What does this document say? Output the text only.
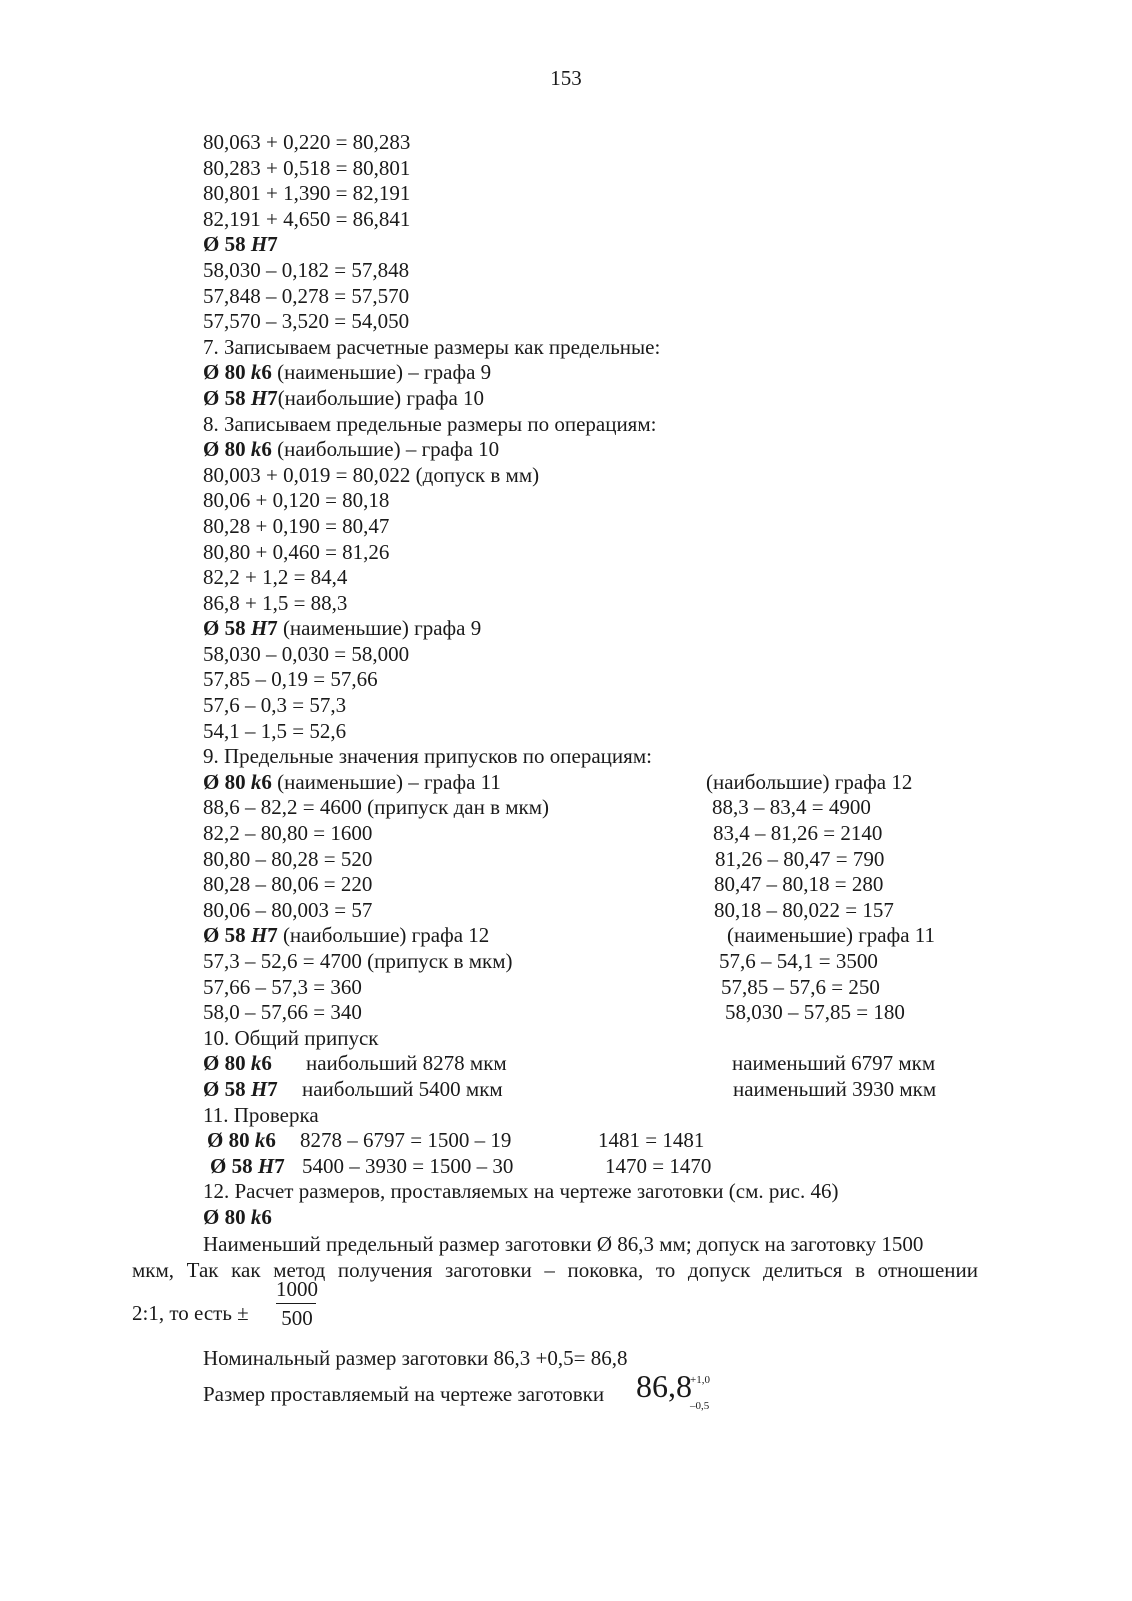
153
80,063 + 0,220 = 80,283
80,283 + 0,518 = 80,801
80,801 + 1,390 = 82,191
82,191 + 4,650 = 86,841
Ø 58 H7
58,030 – 0,182 = 57,848
57,848 – 0,278 = 57,570
57,570 – 3,520 = 54,050
7. Записываем расчетные размеры как предельные:
Ø 80 k6 (наименьшие) – графа 9
Ø 58 H7(наибольшие) графа 10
8. Записываем предельные размеры по операциям:
Ø 80 k6 (наибольшие) – графа 10
80,003 + 0,019 = 80,022 (допуск в мм)
80,06 + 0,120 = 80,18
80,28 + 0,190 = 80,47
80,80 + 0,460 = 81,26
82,2 + 1,2 = 84,4
86,8 + 1,5 = 88,3
Ø 58 H7 (наименьшие) графа 9
58,030 – 0,030 = 58,000
57,85 – 0,19 = 57,66
57,6 – 0,3 = 57,3
54,1 – 1,5 = 52,6
9. Предельные значения припусков по операциям:
Ø 80 k6 (наименьшие) – графа 11	(наибольшие) графа 12
88,6 – 82,2 = 4600 (припуск дан в мкм)	88,3 – 83,4 = 4900
82,2 – 80,80 = 1600	83,4 – 81,26 = 2140
80,80 – 80,28 = 520	81,26 – 80,47 = 790
80,28 – 80,06 = 220	80,47 – 80,18 = 280
80,06 – 80,003 = 57	80,18 – 80,022 = 157
Ø 58 H7 (наибольшие) графа 12	(наименьшие) графа 11
57,3 – 52,6 = 4700 (припуск в мкм)	57,6 – 54,1 = 3500
57,66 – 57,3 = 360	57,85 – 57,6 = 250
58,0 – 57,66 = 340	58,030 – 57,85 = 180
10. Общий припуск
Ø 80 k6 наибольший 8278 мкм	наименьший 6797 мкм
Ø 58 H7 наибольший 5400 мкм	наименьший 3930 мкм
11. Проверка
Ø 80 k6 8278 – 6797 = 1500 – 19	1481 = 1481
Ø 58 H7 5400 – 3930 = 1500 – 30	1470 = 1470
12. Расчет размеров, проставляемых на чертеже заготовки (см. рис. 46)
Ø 80 k6
Наименьший предельный размер заготовки Ø 86,3 мм; допуск на заготовку 1500
мкм, Так как метод получения заготовки – поковка, то допуск делиться в отношении
2:1, то есть ±
1000
500
Номинальный размер заготовки 86,3 +0,5= 86,8
Размер проставляемый на чертеже заготовки 86,8
+1,0
–0,5
